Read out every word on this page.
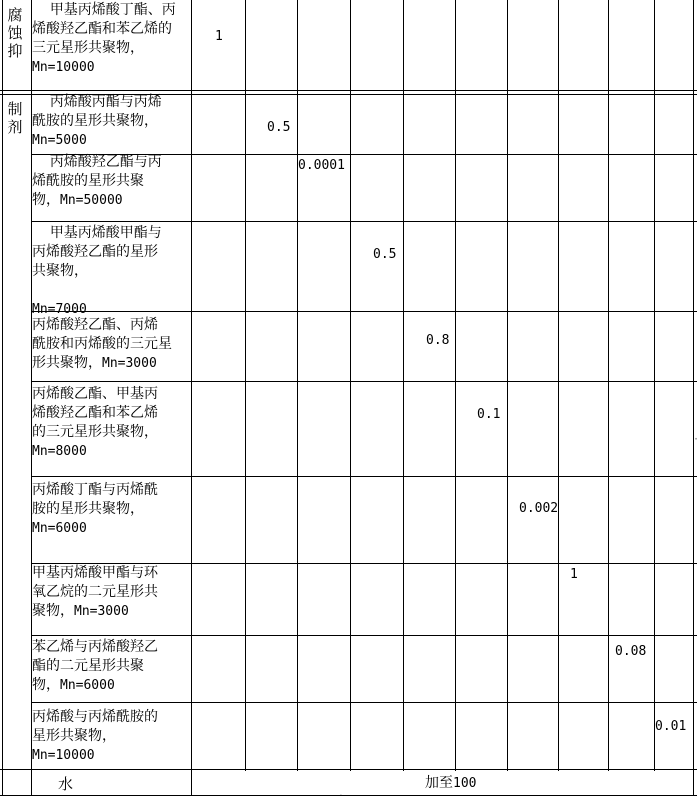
腐蚀抑
制剂
甲基丙烯酸丁酯、丙
烯酸羟乙酯和苯乙烯的
三元星形共聚物，
Mn=10000
丙烯酸丙酯与丙烯
酰胺的星形共聚物，
Mn=5000
丙烯酸羟乙酯与丙
烯酰胺的星形共聚
物，Mn=50000
甲基丙烯酸甲酯与
丙烯酸羟乙酯的星形
共聚物，

Mn=7000
丙烯酸羟乙酯、丙烯
酰胺和丙烯酸的三元星
形共聚物，Mn=3000
丙烯酸乙酯、甲基丙
烯酸羟乙酯和苯乙烯
的三元星形共聚物，
Mn=8000
丙烯酸丁酯与丙烯酰
胺的星形共聚物，
Mn=6000
甲基丙烯酸甲酯与环
氧乙烷的二元星形共
聚物，Mn=3000
苯乙烯与丙烯酸羟乙
酯的二元星形共聚
物，Mn=6000
丙烯酸与丙烯酰胺的
星形共聚物，
Mn=10000
1
0.5
0.0001
0.5
0.8
0.1
0.002
1
0.08
0.01
水	加至100
·
·
